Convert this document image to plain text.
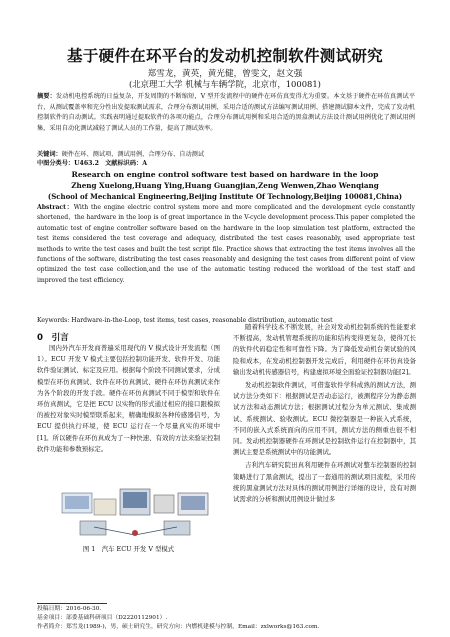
基于硬件在环平台的发动机控制软件测试研究
郑雪龙，黄英，黄光健，曾雯文，赵文强
(北京理工大学 机械与车辆学院，北京市，100081)
摘要：发动机电控系统的日益复杂，开发周期的不断缩短，V 型开发流程中的硬件在环仿真变得尤为重要。本文基于硬件在环仿真测试平台，从测试覆盖率和充分性出发提取测试需求，合理分布测试用例，采用合适的测试方法编写测试用例、搭建测试脚本文件，完成了发动机控制软件的自动测试。实践表明通过提取软件的各项功能点，合理分布测试用例和采用合适的黑盒测试方法设计测试用例优化了测试用例集，采用自动化测试减轻了测试人员的工作量，提高了测试效率。
关键词：硬件在环、测试项、测试用例、合理分布、自动测试
中图分类号：U463.2　 文献标识码：A
Research on engine control software test based on hardware in the loop
Zheng Xuelong,Huang Ying,Huang Guangjian,Zeng Wenwen,Zhao Wenqiang
(School of Mechanical Engineering,Beijing Institute Of Technology,Beijing 100081,China)
Abstract：With the engine electric control system more and more complicated and the development cycle constantly shortened，the hardware in the loop is of great importance in the V-cycle development process.This paper completed the automatic test of engine controller software based on the hardware in the loop simulation test platform, extracted the test items considered the test coverage and adequacy, distributed the test cases reasonably, used appropriate test methods to write the test cases and built the test script file. Practice shows that extracting the test items involves all the functions of the software, distributing the test cases reasonably and designing the test cases from different point of view optimized the test case collection,and the use of the automatic testing reduced the workload of the test staff and improved the test efficiency.
Keywords: Hardware-in-the-Loop, test items, test cases, reasonable distribution, automatic test
0　引言

国内外汽车开发商普遍采用现代的 V 模式设计开发流程（图 1）。ECU 开发 V 模式主要包括控制功能开发、软件开发、功能软件验证测试、标定及应用。根据每个阶段不同测试要求，分成模型在环仿真测试、软件在环仿真测试、硬件在环仿真测试来作为各个阶段的开发手段。硬件在环仿真测试不同于模型和软件在环仿真测试，它是把 ECU 以实物的形式通过相应的接口跟模拟的被控对象实时模型联系起来，精确地模拟各种传感器信号，为 ECU 提供执行环境，使 ECU 运行在一个尽量真实的环境中[1]。所以硬件在环仿真成为了一种快速、有效的方法来验证控制软件功能和参数预标定。

图 1　汽车 ECU 开发 V 型模式

随着科学技术不断发展，社会对发动机控制系统的性能要求不断提高，发动机管理系统的功能和结构变得更复杂，使得冗长的软件代码稳定性和可靠性下降。为了降低发动机台架试验的风险和成本，在发动机控制器开发完成后，利用硬件在环仿真设备输出发动机传感器信号，构建虚拟环境全面验证控制器功能[2]。

发动机控制软件测试，可借鉴软件学科成熟的测试方法，测试方法分类如下：根据测试是否动态运行，被测程序分为静态测试方法和动态测试方法；根据测试过程分为单元测试、集成测试、系统测试、验收测试。ECU 微控制器是一种嵌入式系统，不同的嵌入式系统面向的应用不同，测试方法的侧重也很不相同。发动机控制器硬件在环测试是控制软件运行在控制器中，其测试主要是系统测试中的功能测试。

吉利汽车研究院田真利用硬件在环测试对整车控制器的控制策略进行了黑盒测试，提出了一套通用的测试项目流程，采用传统的黑盒测试方法对具体的测试用例进行详细的设计，没有对测试需求的分析和测试用例设计做过多

投稿日期：2016-06-30.
基金项目：部委基础科研项目（D2220112901）.
作者简介：郑雪龙(1989-)，男，硕士研究生，研究方向：内燃机建模与控制，Email：zxlworks@163.com.
